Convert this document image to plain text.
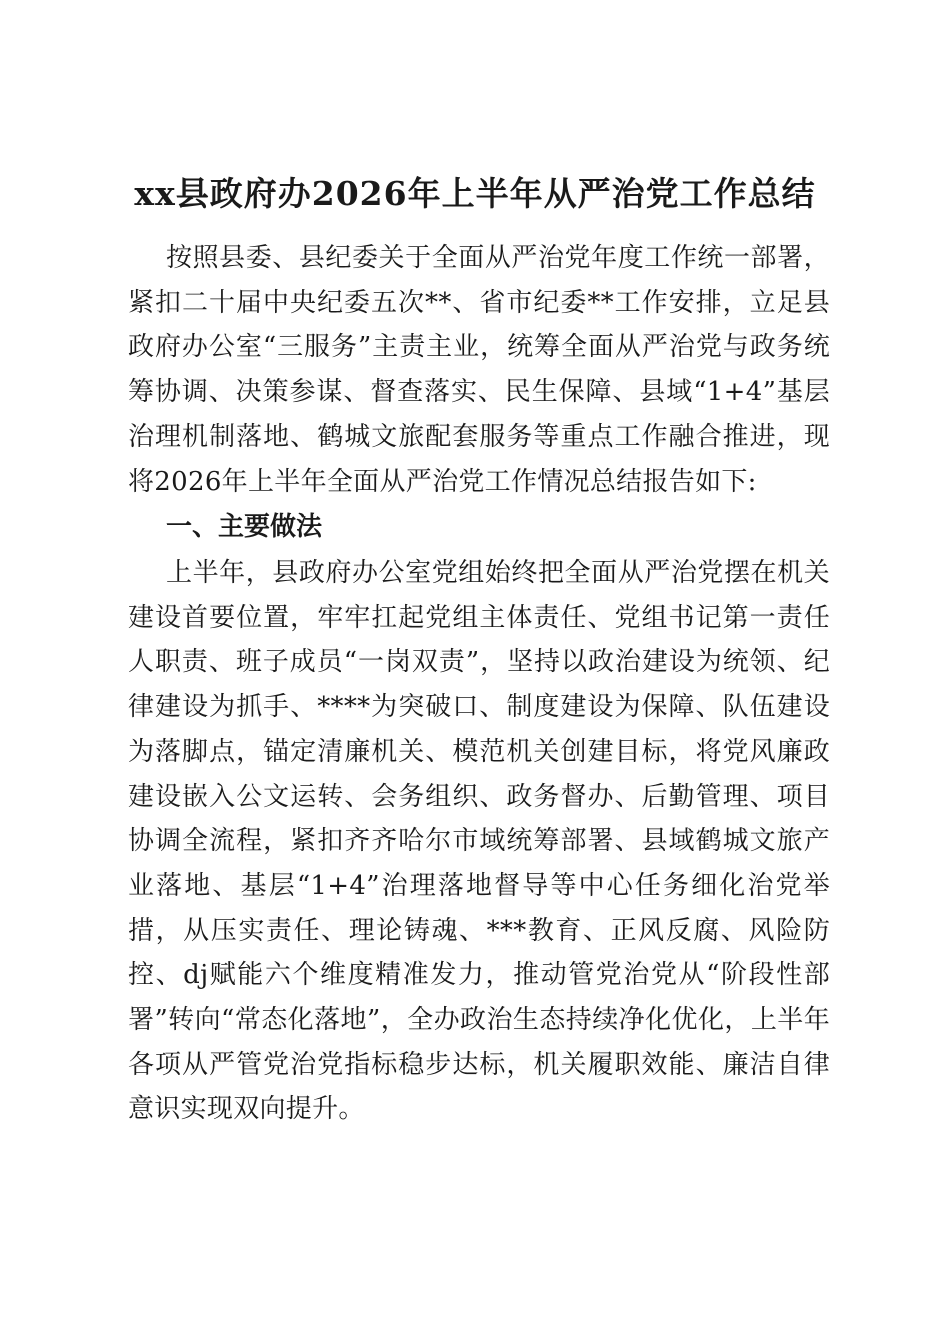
xx县政府办2026年上半年从严治党工作总结

按照县委、县纪委关于全面从严治党年度工作统一部署，紧扣二十届中央纪委五次**、省市纪委**工作安排，立足县政府办公室“三服务”主责主业，统筹全面从严治党与政务统筹协调、决策参谋、督查落实、民生保障、县域“1+4”基层治理机制落地、鹤城文旅配套服务等重点工作融合推进，现将2026年上半年全面从严治党工作情况总结报告如下:

一、主要做法

上半年，县政府办公室党组始终把全面从严治党摆在机关建设首要位置，牢牢扛起党组主体责任、党组书记第一责任人职责、班子成员“一岗双责”，坚持以政治建设为统领、纪律建设为抓手、****为突破口、制度建设为保障、队伍建设为落脚点，锚定清廉机关、模范机关创建目标，将党风廉政建设嵌入公文运转、会务组织、政务督办、后勤管理、项目协调全流程，紧扣齐齐哈尔市域统筹部署、县域鹤城文旅产业落地、基层“1+4”治理落地督导等中心任务细化治党举措，从压实责任、理论铸魂、***教育、正风反腐、风险防控、dj赋能六个维度精准发力，推动管党治党从“阶段性部署”转向“常态化落地”，全办政治生态持续净化优化，上半年各项从严管党治党指标稳步达标，机关履职效能、廉洁自律意识实现双向提升。
